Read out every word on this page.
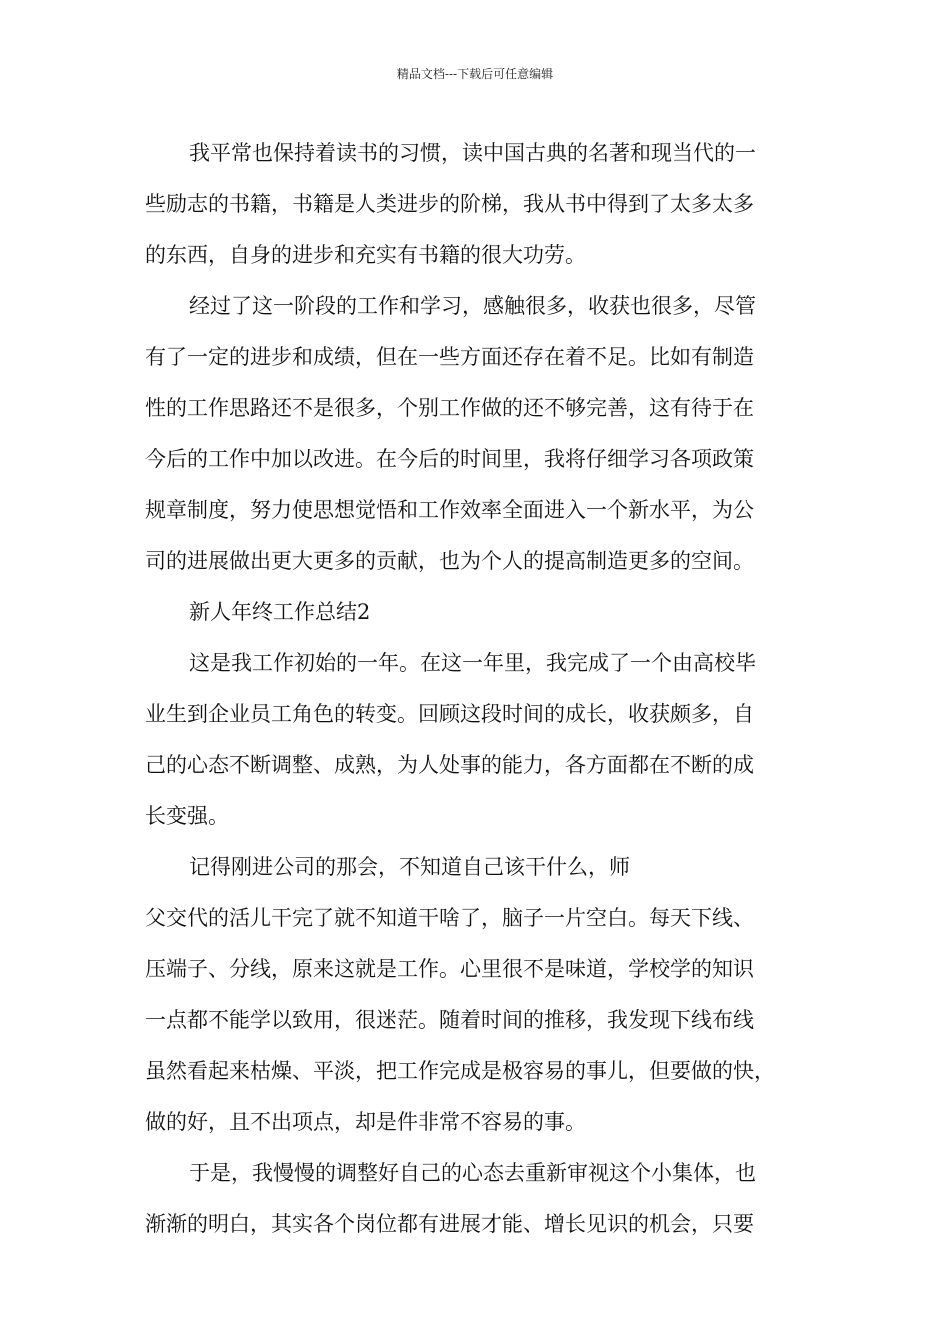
精品文档---下载后可任意编辑
我平常也保持着读书的习惯，读中国古典的名著和现当代的一
些励志的书籍，书籍是人类进步的阶梯，我从书中得到了太多太多
的东西，自身的进步和充实有书籍的很大功劳。
经过了这一阶段的工作和学习，感触很多，收获也很多，尽管
有了一定的进步和成绩，但在一些方面还存在着不足。比如有制造
性的工作思路还不是很多，个别工作做的还不够完善，这有待于在
今后的工作中加以改进。在今后的时间里，我将仔细学习各项政策
规章制度，努力使思想觉悟和工作效率全面进入一个新水平，为公
司的进展做出更大更多的贡献，也为个人的提高制造更多的空间。
新人年终工作总结2
这是我工作初始的一年。在这一年里，我完成了一个由高校毕
业生到企业员工角色的转变。回顾这段时间的成长，收获颇多，自
己的心态不断调整、成熟，为人处事的能力，各方面都在不断的成
长变强。
记得刚进公司的那会，不知道自己该干什么，师
父交代的活儿干完了就不知道干啥了，脑子一片空白。每天下线、
压端子、分线，原来这就是工作。心里很不是味道，学校学的知识
一点都不能学以致用，很迷茫。随着时间的推移，我发现下线布线
虽然看起来枯燥、平淡，把工作完成是极容易的事儿，但要做的快，
做的好，且不出项点，却是件非常不容易的事。
于是，我慢慢的调整好自己的心态去重新审视这个小集体，也
渐渐的明白，其实各个岗位都有进展才能、增长见识的机会，只要
